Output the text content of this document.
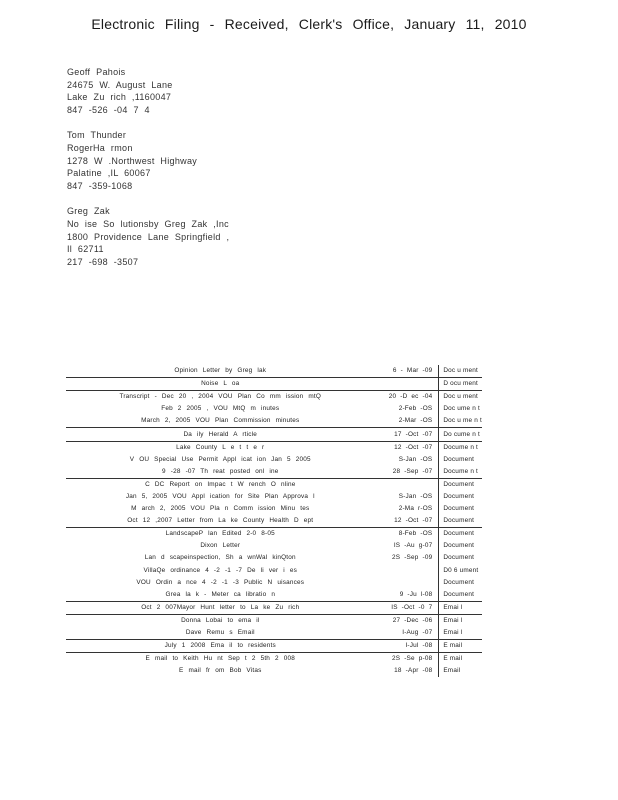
Electronic Filing - Received, Clerk's Office, January 11, 2010
Geoff Pahois
24675 W. August Lane
Lake Zu rich ,1160047
847 -526 -04 7 4
Tom Thunder
RogerHa rmon
1278 W .Northwest Highway
Palatine ,IL 60067
847 -359-1068
Greg Zak
No ise So lutionsby Greg Zak ,Inc
1800 Providence Lane Springfield ,
Il 62711
217 -698 -3507
Opinion Letter by Greg lak	6 - Mar -09	Doc u ment
Noise L oa		D ocu ment
Transcript - Dec 20 , 2004 VOU Plan Co mm ission mtQ	20 -D ec -04	Doc u ment
Feb 2 2005 , VOU MtQ m inutes	2-Feb -OS	Doc ume n t
March 2, 2005 VOU Plan Commission minutes	2-Mar -OS	Doc u me n t
Da ily Herald A rticle	17 -Oct -07	Do cume n t
Lake County L e t t e r	12 -Oct -07	Docume n t
V OU Special Use Permit Appl icat ion Jan 5 2005	S-Jan -OS	Document
9 -28 -07 Th reat posted onl ine	28 -Sep -07	Docume n t
C DC Report on Impac t W rench O nline		Document
Jan 5, 2005 VOU Appl ication for Site Plan Approva l	S-Jan -OS	Document
M arch 2, 2005 VOU Pla n Comm ission Minu tes	2-Ma r-OS	Document
Oct 12 ,2007 Letter from La ke County Health D ept	12 -Oct -07	Document
LandscapeP lan Edited 2-0 8-05	8-Feb -OS	Document
Dixon Letter	IS -Au g-07	Document
Lan d scapeinspection, Sh a wnWal kinQton	2S -Sep -09	Document
VillaQe ordinance 4 -2 -1 -7 De li ver i es		D0 6 ument
VOU Ordin a nce 4 -2 -1 -3 Public N uisances		Document
Grea la k - Meter ca libratio n	9 -Ju l-08	Document
Oct 2 007Mayor Hunt letter to La ke Zu rich	IS -Oct -0 7	Emai l
Donna Lobai to ema il	27 -Dec -06	Emai l
Dave Remu s Email	I-Aug -07	Emai l
July 1 2008 Ema il to residents	I-Jul -08	E mail
E mail to Keith Hu nt Sep t 2 5th 2 008	2S -Se p-08	E mail
E mail fr om Bob Vitas	18 -Apr -08	Email
